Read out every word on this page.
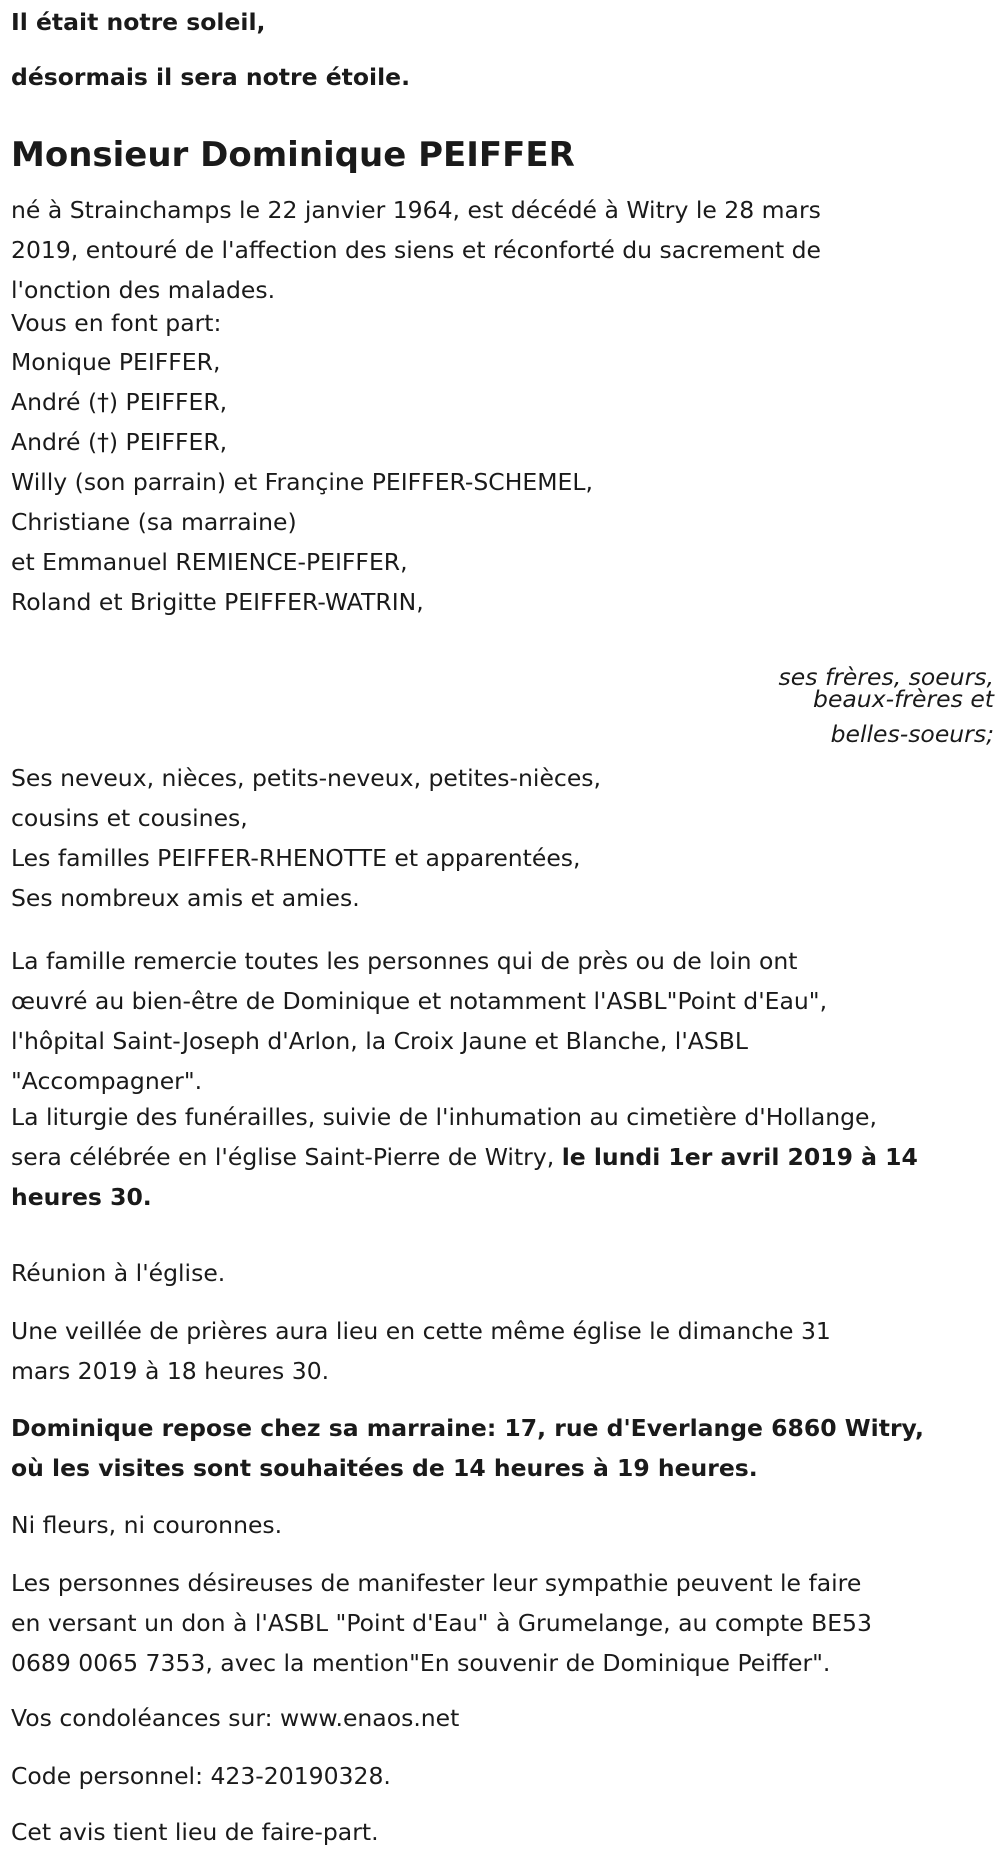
Il était notre soleil,

désormais il sera notre étoile.

Monsieur Dominique PEIFFER
né à Strainchamps le 22 janvier 1964, est décédé à Witry le 28 mars
2019, entouré de l'affection des siens et réconforté du sacrement de
l'onction des malades.

Vous en font part:

Monique PEIFFER,
André (†) PEIFFER,
André (†) PEIFFER,
Willy (son parrain) et Françine PEIFFER-SCHEMEL,
Christiane (sa marraine)
et Emmanuel REMIENCE-PEIFFER,
Roland et Brigitte PEIFFER-WATRIN,
ses frères, soeurs,
beaux-frères et
belles-soeurs;
Ses neveux, nièces, petits-neveux, petites-nièces,
cousins et cousines,
Les familles PEIFFER-RHENOTTE et apparentées,
Ses nombreux amis et amies.
La famille remercie toutes les personnes qui de près ou de loin ont
œuvré au bien-être de Dominique et notamment l'ASBL"Point d'Eau",
l'hôpital Saint-Joseph d'Arlon, la Croix Jaune et Blanche, l'ASBL
"Accompagner".
La liturgie des funérailles, suivie de l'inhumation au cimetière d'Hollange,
sera célébrée en l'église Saint-Pierre de Witry, le lundi 1er avril 2019 à 14
heures 30.

Réunion à l'église.

Une veillée de prières aura lieu en cette même église le dimanche 31
mars 2019 à 18 heures 30.
Dominique repose chez sa marraine: 17, rue d'Everlange 6860 Witry,
où les visites sont souhaitées de 14 heures à 19 heures.

Ni fleurs, ni couronnes.

Les personnes désireuses de manifester leur sympathie peuvent le faire
en versant un don à l'ASBL "Point d'Eau" à Grumelange, au compte BE53
0689 0065 7353, avec la mention"En souvenir de Dominique Peiffer".

Vos condoléances sur: www.enaos.net

Code personnel: 423-20190328.

Cet avis tient lieu de faire-part.
